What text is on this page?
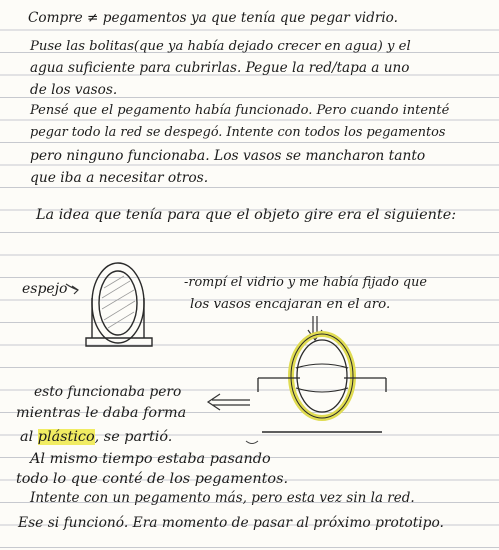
Compre ≠ pegamentos ya que tenía que pegar vidrio.
Puse las bolitas(que ya había dejado crecer en agua) y el
agua suficiente para cubrirlas. Pegue la red/tapa a uno
de los vasos.
Pensé que el pegamento había funcionado. Pero cuando intenté
pegar todo la red se despegó. Intente con todos los pegamentos
pero ninguno funcionaba. Los vasos se mancharon tanto
que iba a necesitar otros.
La idea que tenía para que el objeto gire era el siguiente:
espejo	-rompí el vidrio y me había fijado que
los vasos encajaran en el aro.
esto funcionaba pero
mientras le daba forma
al plástico, se partió.
Al mismo tiempo estaba pasando
todo lo que conté de los pegamentos.
Intente con un pegamento más, pero esta vez sin la red.
Ese si funcionó. Era momento de pasar al próximo prototipo.
